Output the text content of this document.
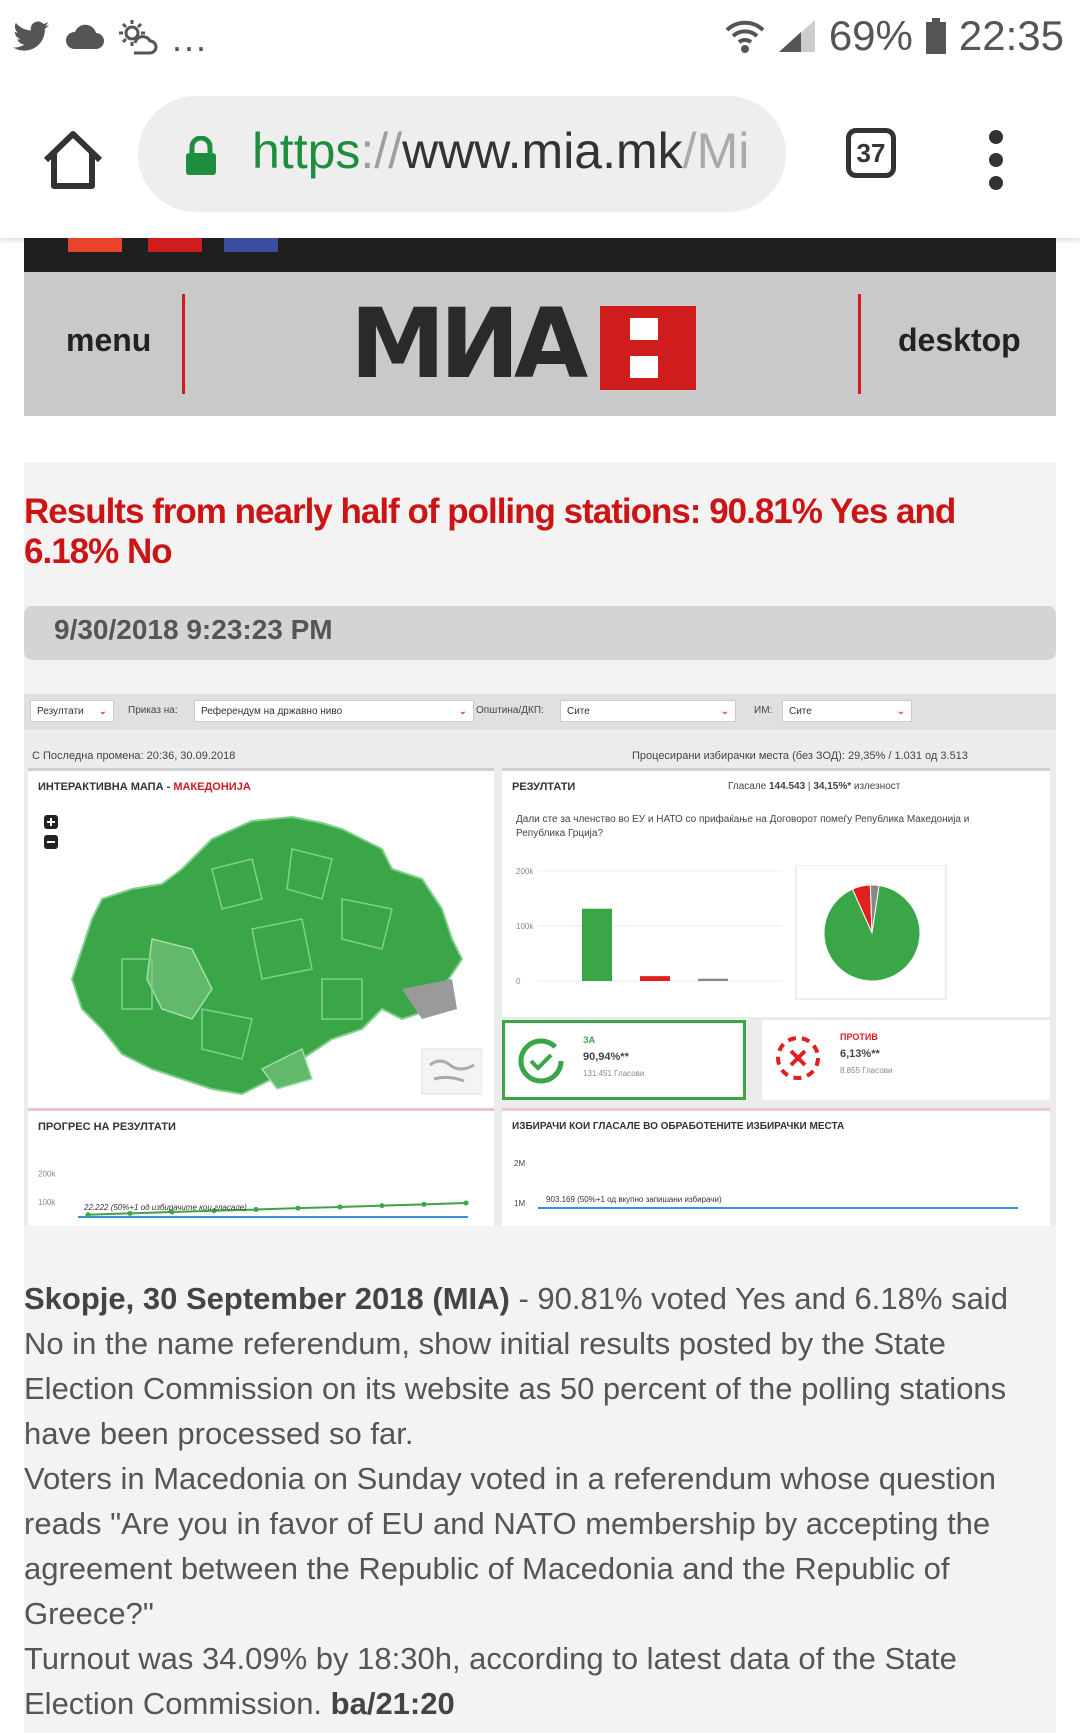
...	69% 22:35
https://www.mia.mk/Mi	37
menu МИА	desktop
Results from nearly half of polling stations: 90.81% Yes and 6.18% No
9/30/2018 9:23:23 PM
Резултати ⌄ Приказ на:	Референдум на државно ниво	⌄ Општина/ДКП:	Сите	⌄	ИМ:	Сите	⌄
C Последна промена: 20:36, 30.09.2018	Процесирани избирачки места (без ЗОД): 29,35% / 1.031 од 3.513
ИНТЕРАКТИВНА МАПА - МАКЕДОНИЈА	РЕЗУЛТАТИ	Гласале 144.543 | 34,15%* излезност
Дали сте за членство во ЕУ и НАТО со прифаќање на Договорот помеѓу Република Македонија и Република Грција?
0
100k
200k
ЗА
90,94%**
131.451 Гласови
ПРОТИВ
6,13%**
8.855 Гласови
ПРОГРЕС НА РЕЗУЛТАТИ
200k
100k
22.222 (50%+1 од избирачите кои гласале)
ИЗБИРАЧИ КОИ ГЛАСАЛЕ ВО ОБРАБОТЕНИТЕ ИЗБИРАЧКИ МЕСТА
2M
1M	903.169 (50%+1 од вкупно запишани избирачи)

Skopje, 30 September 2018 (MIA) - 90.81% voted Yes and 6.18% said No in the name referendum, show initial results posted by the State Election Commission on its website as 50 percent of the polling stations have been processed so far.

Voters in Macedonia on Sunday voted in a referendum whose question reads "Are you in favor of EU and NATO membership by accepting the agreement between the Republic of Macedonia and the Republic of Greece?"

Turnout was 34.09% by 18:30h, according to latest data of the State Election Commission. ba/21:20
